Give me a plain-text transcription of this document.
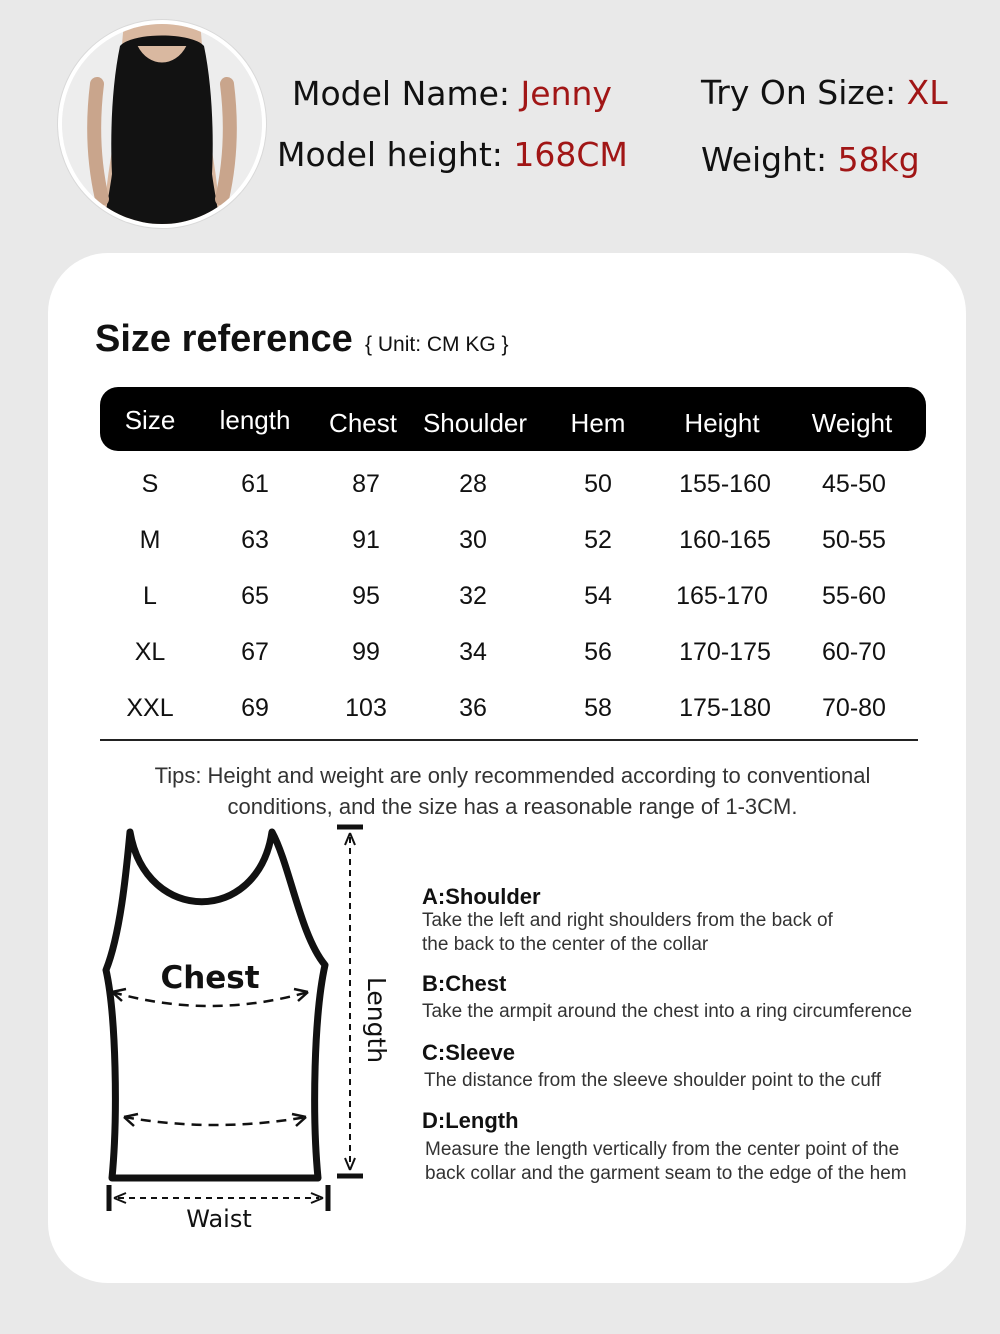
Model Name: Jenny
Model height: 168CM
Try On Size: XL
Weight: 58kg
Size reference { Unit: CM KG }
Size length Chest Shoulder Hem Height Weight
S	61	87	28	50	155-160 45-50
M	63	91	30	52	160-165 50-55
L	65	95	32	54	165-170 55-60
XL	67	99	34	56	170-175 60-70
XXL	69	103	36	58	175-180 70-80
Tips: Height and weight are only recommended according to conventional
conditions, and the size has a reasonable range of 1-3CM.
Chest	Length
Waist
A:Shoulder
Take the left and right shoulders from the back of
the back to the center of the collar
B:Chest
Take the armpit around the chest into a ring circumference
C:Sleeve
The distance from the sleeve shoulder point to the cuff
D:Length
Measure the length vertically from the center point of the
back collar and the garment seam to the edge of the hem
